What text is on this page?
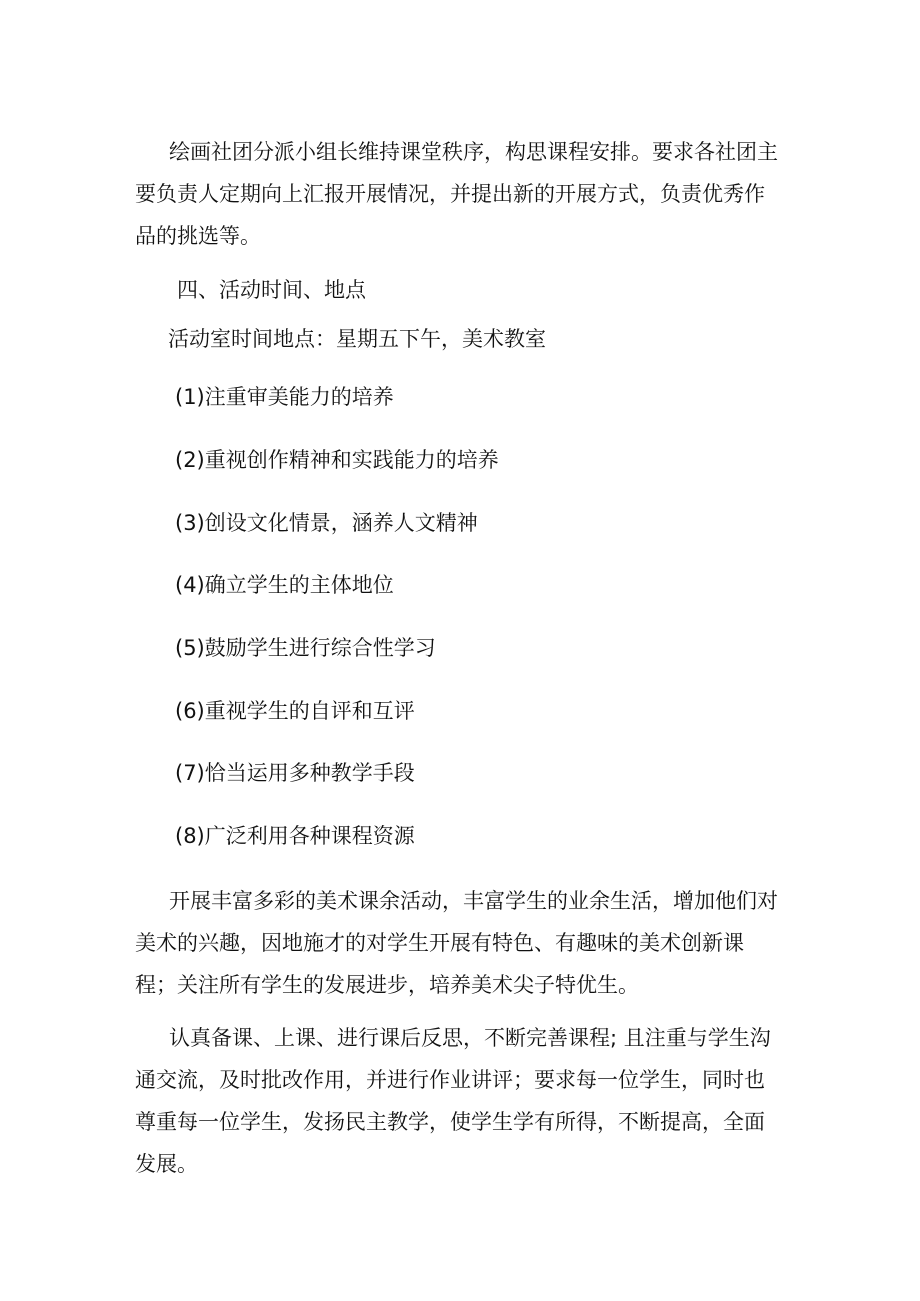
绘画社团分派小组长维持课堂秩序，构思课程安排。要求各社团主要负责人定期向上汇报开展情况，并提出新的开展方式，负责优秀作品的挑选等。

四、活动时间、地点

活动室时间地点：星期五下午，美术教室

(1)注重审美能力的培养

(2)重视创作精神和实践能力的培养

(3)创设文化情景，涵养人文精神

(4)确立学生的主体地位

(5)鼓励学生进行综合性学习

(6)重视学生的自评和互评

(7)恰当运用多种教学手段

(8)广泛利用各种课程资源

开展丰富多彩的美术课余活动，丰富学生的业余生活，增加他们对美术的兴趣，因地施才的对学生开展有特色、有趣味的美术创新课程；关注所有学生的发展进步，培养美术尖子特优生。

认真备课、上课、进行课后反思，不断完善课程; 且注重与学生沟通交流，及时批改作用，并进行作业讲评；要求每一位学生，同时也尊重每一位学生，发扬民主教学，使学生学有所得，不断提高，全面发展。
